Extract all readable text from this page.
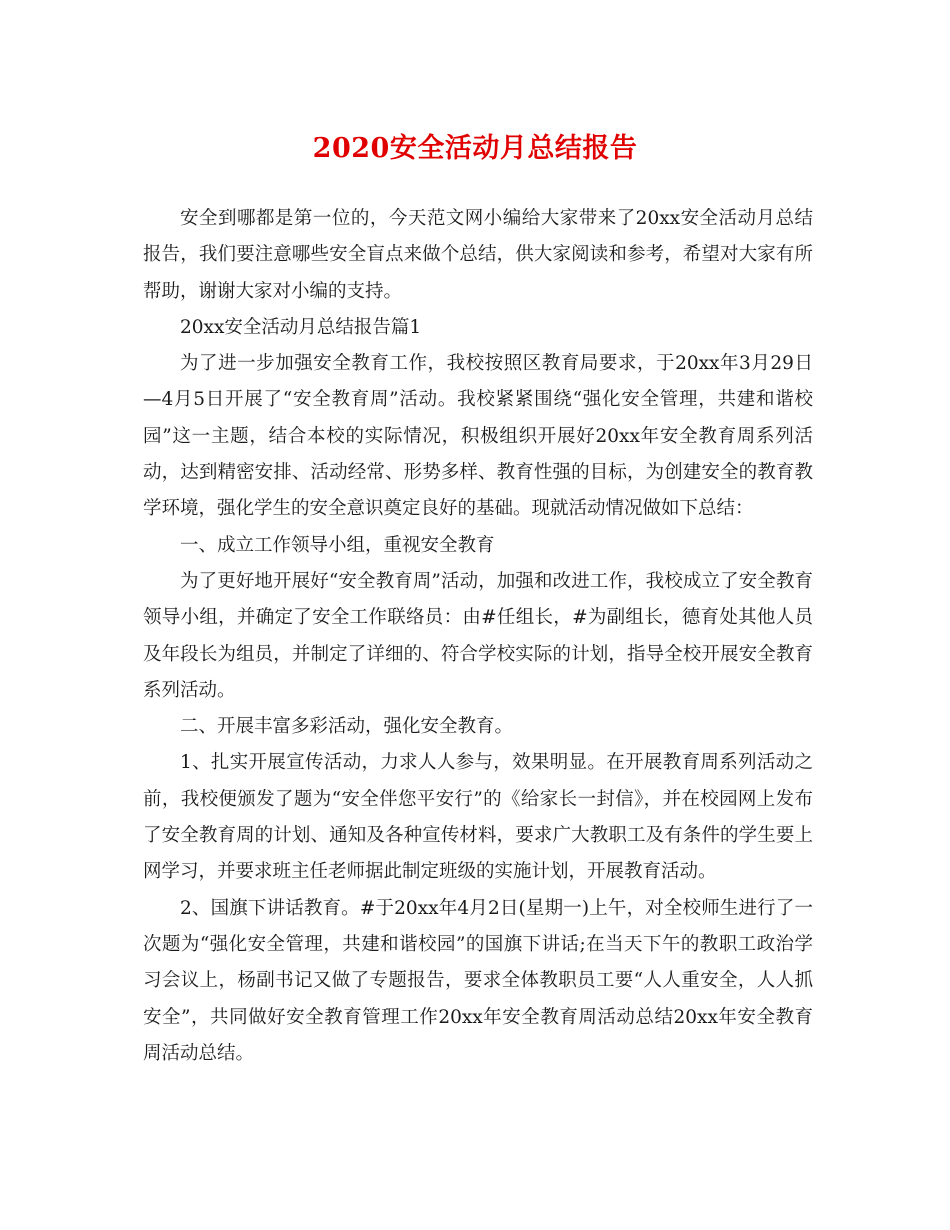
2020安全活动月总结报告

安全到哪都是第一位的，今天范文网小编给大家带来了20xx安全活动月总结报告，我们要注意哪些安全盲点来做个总结，供大家阅读和参考，希望对大家有所帮助，谢谢大家对小编的支持。

20xx安全活动月总结报告篇1

为了进一步加强安全教育工作，我校按照区教育局要求，于20xx年3月29日—4月5日开展了“安全教育周”活动。我校紧紧围绕“强化安全管理，共建和谐校园”这一主题，结合本校的实际情况，积极组织开展好20xx年安全教育周系列活动，达到精密安排、活动经常、形势多样、教育性强的目标，为创建安全的教育教学环境，强化学生的安全意识奠定良好的基础。现就活动情况做如下总结：

一、成立工作领导小组，重视安全教育

为了更好地开展好“安全教育周”活动，加强和改进工作，我校成立了安全教育领导小组，并确定了安全工作联络员：由#任组长，#为副组长，德育处其他人员及年段长为组员，并制定了详细的、符合学校实际的计划，指导全校开展安全教育系列活动。

二、开展丰富多彩活动，强化安全教育。

1、扎实开展宣传活动，力求人人参与，效果明显。在开展教育周系列活动之前，我校便颁发了题为“安全伴您平安行”的《给家长一封信》，并在校园网上发布了安全教育周的计划、通知及各种宣传材料，要求广大教职工及有条件的学生要上网学习，并要求班主任老师据此制定班级的实施计划，开展教育活动。

2、国旗下讲话教育。#于20xx年4月2日(星期一)上午，对全校师生进行了一次题为“强化安全管理，共建和谐校园”的国旗下讲话;在当天下午的教职工政治学习会议上，杨副书记又做了专题报告，要求全体教职员工要“人人重安全，人人抓安全”，共同做好安全教育管理工作20xx年安全教育周活动总结20xx年安全教育周活动总结。
